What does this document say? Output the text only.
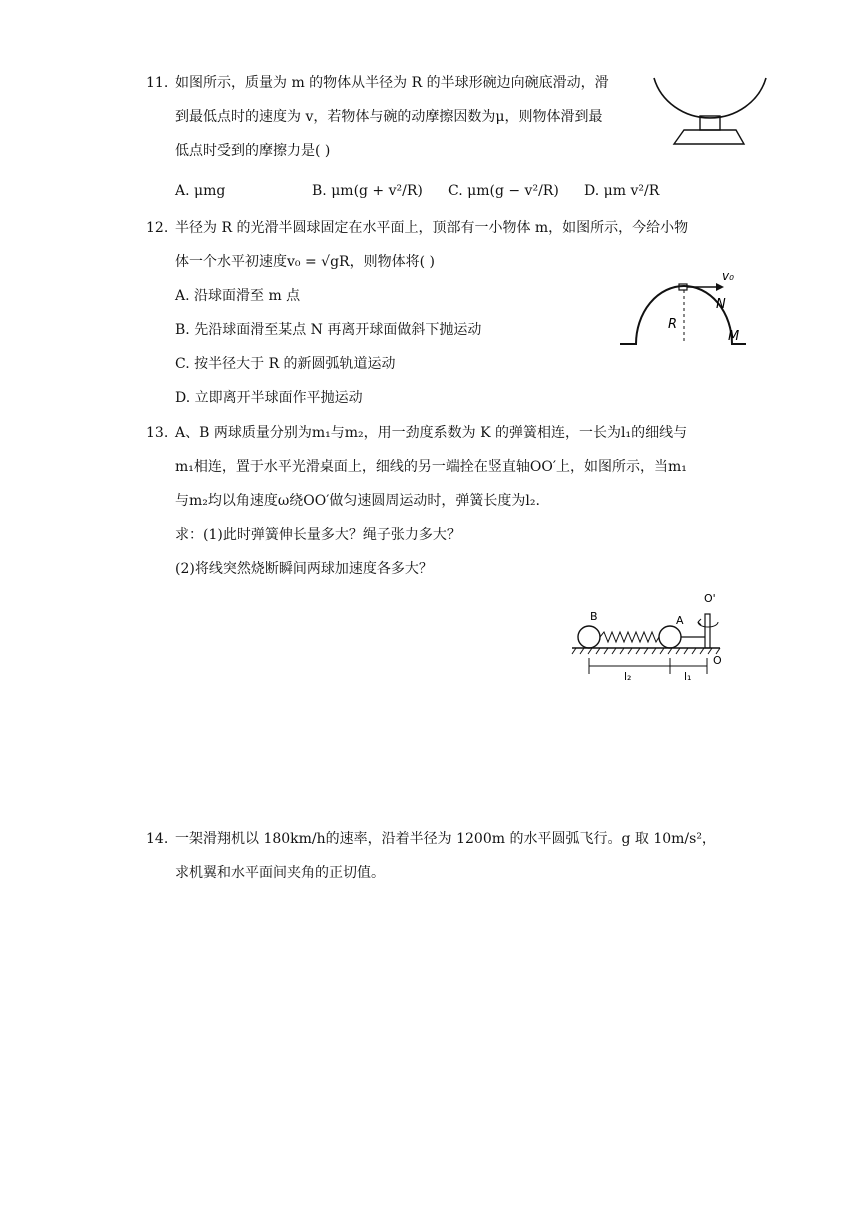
11. 如图所示，质量为 m 的物体从半径为 R 的半球形碗边向碗底滑动，滑
到最低点时的速度为 v，若物体与碗的动摩擦因数为μ，则物体滑到最
低点时受到的摩擦力是( )
A. μmg	B. μm(g + v²/R) C. μm(g − v²/R) D. μm v²/R
12. 半径为 R 的光滑半圆球固定在水平面上，顶部有一小物体 m，如图所示，今给小物
体一个水平初速度v₀ = √gR，则物体将( )
A. 沿球面滑至 m 点
B. 先沿球面滑至某点 N 再离开球面做斜下抛运动
C. 按半径大于 R 的新圆弧轨道运动
D. 立即离开半球面作平抛运动
v₀
N
R
M
13. A、B 两球质量分别为m₁与m₂，用一劲度系数为 K 的弹簧相连，一长为l₁的细线与
m₁相连，置于水平光滑桌面上，细线的另一端拴在竖直轴OO′上，如图所示，当m₁
与m₂均以角速度ω绕OO′做匀速圆周运动时，弹簧长度为l₂.
求：(1)此时弹簧伸长量多大？绳子张力多大？
(2)将线突然烧断瞬间两球加速度各多大？
B	A
O'
O
l₂	l₁
14. 一架滑翔机以 180km/h的速率，沿着半径为 1200m 的水平圆弧飞行。g 取 10m/s²，
求机翼和水平面间夹角的正切值。
